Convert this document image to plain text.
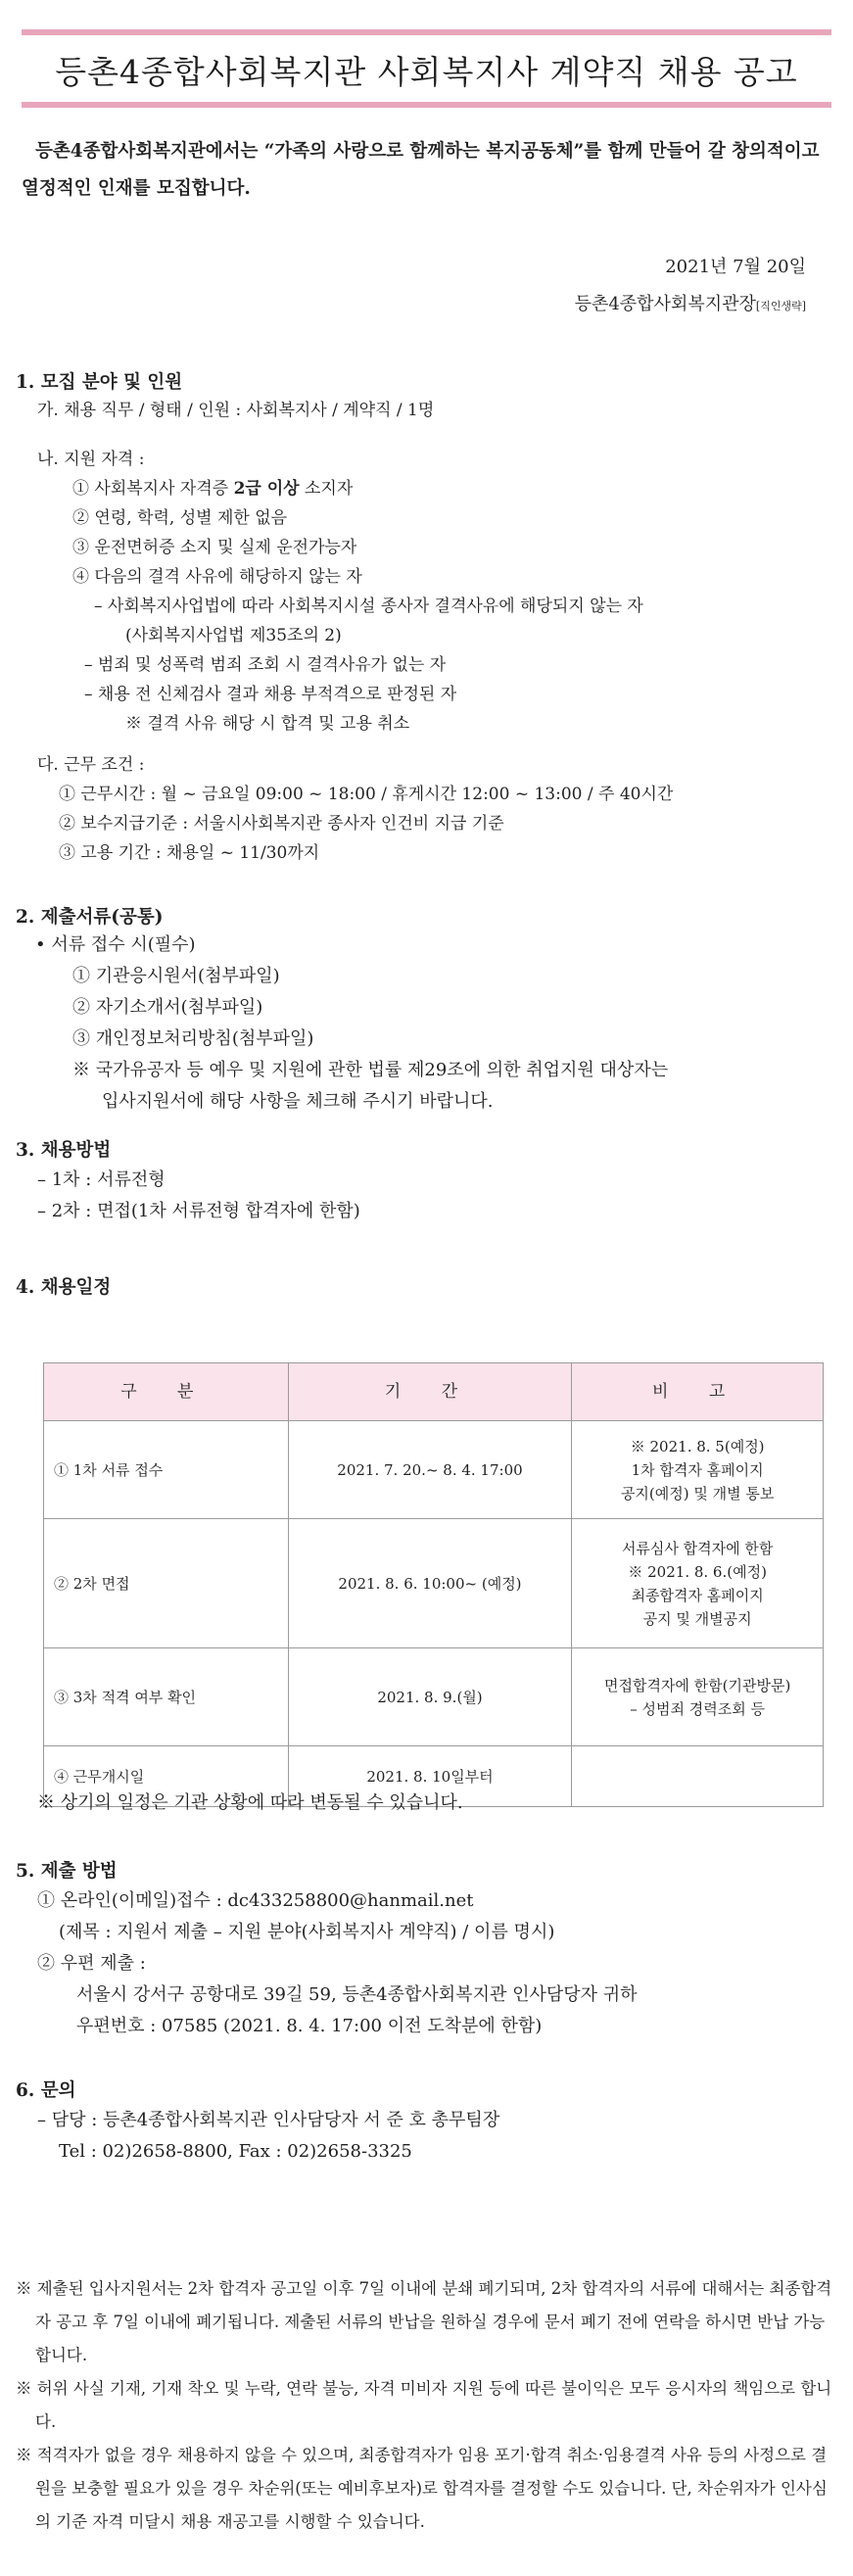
등촌4종합사회복지관 사회복지사 계약직 채용 공고
등촌4종합사회복지관에서는 “가족의 사랑으로 함께하는 복지공동체”를 함께 만들어 갈 창의적이고 열정적인 인재를 모집합니다.
2021년 7월 20일
등촌4종합사회복지관장[직인생략]
1. 모집 분야 및 인원
가. 채용 직무 / 형태 / 인원 : 사회복지사 / 계약직 / 1명
나. 지원 자격 :
① 사회복지사 자격증 2급 이상 소지자
② 연령, 학력, 성별 제한 없음
③ 운전면허증 소지 및 실제 운전가능자
④ 다음의 결격 사유에 해당하지 않는 자
– 사회복지사업법에 따라 사회복지시설 종사자 결격사유에 해당되지 않는 자
(사회복지사업법 제35조의 2)
– 범죄 및 성폭력 범죄 조회 시 결격사유가 없는 자
– 채용 전 신체검사 결과 채용 부적격으로 판정된 자
※ 결격 사유 해당 시 합격 및 고용 취소
다. 근무 조건 :
① 근무시간 : 월 ~ 금요일 09:00 ~ 18:00 / 휴게시간 12:00 ~ 13:00 / 주 40시간
② 보수지급기준 : 서울시사회복지관 종사자 인건비 지급 기준
③ 고용 기간 : 채용일 ~ 11/30까지
2. 제출서류(공통)
• 서류 접수 시(필수)
① 기관응시원서(첨부파일)
② 자기소개서(첨부파일)
③ 개인정보처리방침(첨부파일)
※ 국가유공자 등 예우 및 지원에 관한 법률 제29조에 의한 취업지원 대상자는
입사지원서에 해당 사항을 체크해 주시기 바랍니다.
3. 채용방법
– 1차 : 서류전형
– 2차 : 면접(1차 서류전형 합격자에 한함)
4. 채용일정
구 분	기 간	비 고
① 1차 서류 접수	2021. 7. 20.~ 8. 4. 17:00	※ 2021. 8. 5(예정)
1차 합격자 홈페이지
공지(예정) 및 개별 통보

② 2차 면접	2021. 8. 6. 10:00~ (예정)	서류심사 합격자에 한함
※ 2021. 8. 6.(예정)
최종합격자 홈페이지
공지 및 개별공지

③ 3차 적격 여부 확인	2021. 8. 9.(월)	면접합격자에 한함(기관방문)
– 성범죄 경력조회 등

④ 근무개시일	2021. 8. 10일부터	
※ 상기의 일정은 기관 상황에 따라 변동될 수 있습니다.
5. 제출 방법
① 온라인(이메일)접수 : dc433258800@hanmail.net
(제목 : 지원서 제출 – 지원 분야(사회복지사 계약직) / 이름 명시)
② 우편 제출 :
서울시 강서구 공항대로 39길 59, 등촌4종합사회복지관 인사담당자 귀하
우편번호 : 07585 (2021. 8. 4. 17:00 이전 도착분에 한함)
6. 문의
– 담당 : 등촌4종합사회복지관 인사담당자 서 준 호 총무팀장
Tel : 02)2658-8800, Fax : 02)2658-3325
※ 제출된 입사지원서는 2차 합격자 공고일 이후 7일 이내에 분쇄 폐기되며, 2차 합격자의 서류에 대해서는 최종합격자 공고 후 7일 이내에 폐기됩니다. 제출된 서류의 반납을 원하실 경우에 문서 폐기 전에 연락을 하시면 반납 가능합니다.
※ 허위 사실 기재, 기재 착오 및 누락, 연락 불능, 자격 미비자 지원 등에 따른 불이익은 모두 응시자의 책임으로 합니다.
※ 적격자가 없을 경우 채용하지 않을 수 있으며, 최종합격자가 임용 포기·합격 취소·임용결격 사유 등의 사정으로 결원을 보충할 필요가 있을 경우 차순위(또는 예비후보자)로 합격자를 결정할 수도 있습니다. 단, 차순위자가 인사심의 기준 자격 미달시 채용 재공고를 시행할 수 있습니다.
